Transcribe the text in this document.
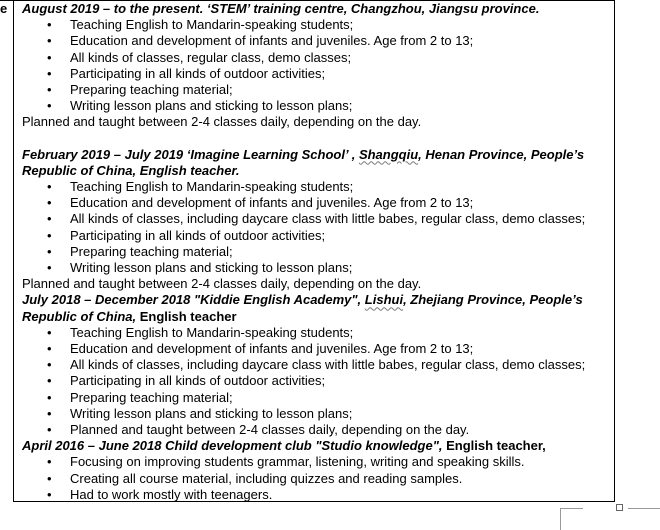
e August 2019 – to the present. ‘STEM’ training centre, Changzhou, Jiangsu province.
• Teaching English to Mandarin-speaking students;
• Education and development of infants and juveniles. Age from 2 to 13;
• All kinds of classes, regular class, demo classes;
• Participating in all kinds of outdoor activities;
• Preparing teaching material;
• Writing lesson plans and sticking to lesson plans;

Planned and taught between 2-4 classes daily, depending on the day.

February 2019 – July 2019 ‘Imagine Learning School’ , Shangqiu, Henan Province, People’s Republic of China, English teacher.
• Teaching English to Mandarin-speaking students;
• Education and development of infants and juveniles. Age from 2 to 13;
• All kinds of classes, including daycare class with little babes, regular class, demo classes;
• Participating in all kinds of outdoor activities;
• Preparing teaching material;
• Writing lesson plans and sticking to lesson plans;

Planned and taught between 2-4 classes daily, depending on the day.

July 2018 – December 2018 "Kiddie English Academy", Lishui, Zhejiang Province, People’s Republic of China, English teacher
• Teaching English to Mandarin-speaking students;
• Education and development of infants and juveniles. Age from 2 to 13;
• All kinds of classes, including daycare class with little babes, regular class, demo classes;
• Participating in all kinds of outdoor activities;
• Preparing teaching material;
• Writing lesson plans and sticking to lesson plans;
• Planned and taught between 2-4 classes daily, depending on the day.
April 2016 – June 2018 Child development club "Studio knowledge", English teacher,
• Focusing on improving students grammar, listening, writing and speaking skills.
• Creating all course material, including quizzes and reading samples.
• Had to work mostly with teenagers.
